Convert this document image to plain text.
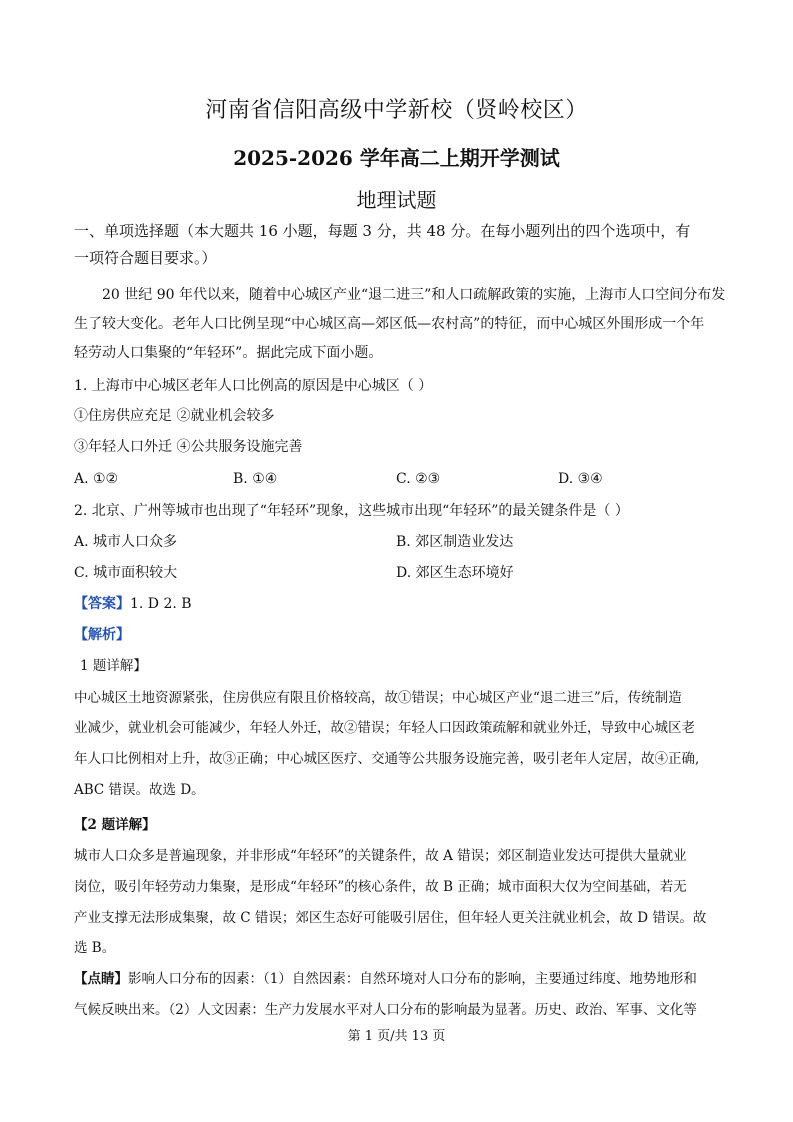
河南省信阳高级中学新校（贤岭校区）
2025-2026 学年高二上期开学测试
地理试题
一、单项选择题（本大题共 16 小题，每题 3 分，共 48 分。在每小题列出的四个选项中，有
一项符合题目要求。）
20 世纪 90 年代以来，随着中心城区产业“退二进三”和人口疏解政策的实施，上海市人口空间分布发
生了较大变化。老年人口比例呈现“中心城区高—郊区低—农村高”的特征，而中心城区外围形成一个年
轻劳动人口集聚的“年轻环”。据此完成下面小题。
1. 上海市中心城区老年人口比例高的原因是中心城区（ ）
①住房供应充足 ②就业机会较多
③年轻人口外迁 ④公共服务设施完善
A. ①②	B. ①④	C. ②③	D. ③④
2. 北京、广州等城市也出现了“年轻环”现象，这些城市出现“年轻环”的最关键条件是（ ）
A. 城市人口众多	B. 郊区制造业发达
C. 城市面积较大	D. 郊区生态环境好
【答案】1. D 2. B
【解析】
1 题详解】
中心城区土地资源紧张，住房供应有限且价格较高，故①错误；中心城区产业“退二进三”后，传统制造
业减少，就业机会可能减少，年轻人外迁，故②错误；年轻人口因政策疏解和就业外迁，导致中心城区老
年人口比例相对上升，故③正确；中心城区医疗、交通等公共服务设施完善，吸引老年人定居，故④正确,
ABC 错误。故选 D。
【2 题详解】
城市人口众多是普遍现象，并非形成“年轻环”的关键条件，故 A 错误；郊区制造业发达可提供大量就业
岗位，吸引年轻劳动力集聚，是形成“年轻环”的核心条件，故 B 正确；城市面积大仅为空间基础，若无
产业支撑无法形成集聚，故 C 错误；郊区生态好可能吸引居住，但年轻人更关注就业机会，故 D 错误。故
选 B。
【点睛】影响人口分布的因素：（1）自然因素：自然环境对人口分布的影响，主要通过纬度、地势地形和
气候反映出来。（2）人文因素：生产力发展水平对人口分布的影响最为显著。历史、政治、军事、文化等
第 1 页/共 13 页
